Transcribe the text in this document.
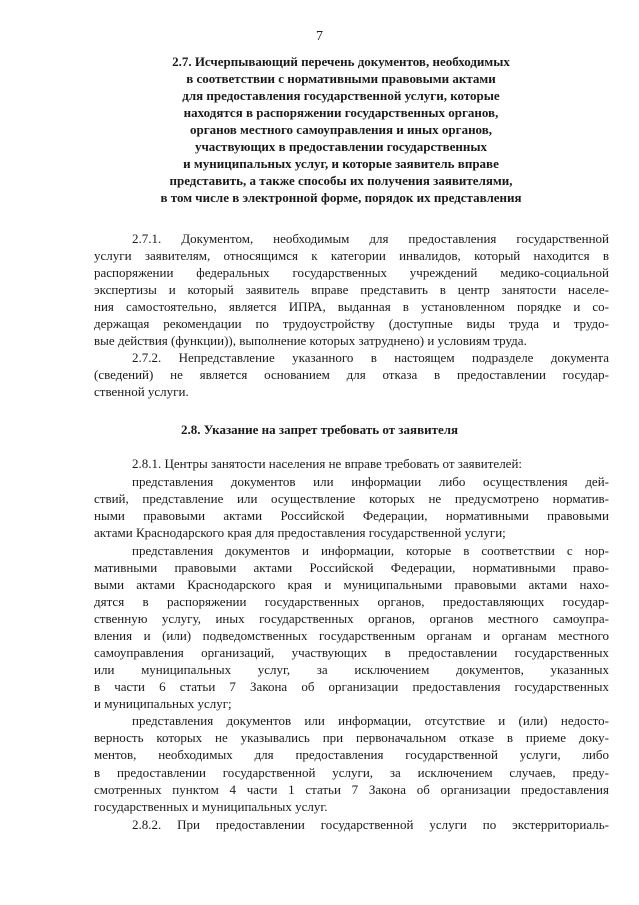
7
2.7. Исчерпывающий перечень документов, необходимых
в соответствии с нормативными правовыми актами
для предоставления государственной услуги, которые
находятся в распоряжении государственных органов,
органов местного самоуправления и иных органов,
участвующих в предоставлении государственных
и муниципальных услуг, и которые заявитель вправе
представить, а также способы их получения заявителями,
в том числе в электронной форме, порядок их представления
2.7.1. Документом, необходимым для предоставления государственной
услуги заявителям, относящимся к категории инвалидов, который находится в
распоряжении федеральных государственных учреждений медико-социальной
экспертизы и который заявитель вправе представить в центр занятости населе-
ния самостоятельно, является ИПРА, выданная в установленном порядке и со-
держащая рекомендации по трудоустройству (доступные виды труда и трудо-
вые действия (функции)), выполнение которых затруднено) и условиям труда.
2.7.2. Непредставление указанного в настоящем подразделе документа
(сведений) не является основанием для отказа в предоставлении государ-
ственной услуги.
2.8. Указание на запрет требовать от заявителя
2.8.1. Центры занятости населения не вправе требовать от заявителей:
представления документов или информации либо осуществления дей-
ствий, представление или осуществление которых не предусмотрено норматив-
ными правовыми актами Российской Федерации, нормативными правовыми
актами Краснодарского края для предоставления государственной услуги;
представления документов и информации, которые в соответствии с нор-
мативными правовыми актами Российской Федерации, нормативными право-
выми актами Краснодарского края и муниципальными правовыми актами нахо-
дятся в распоряжении государственных органов, предоставляющих государ-
ственную услугу, иных государственных органов, органов местного самоупра-
вления и (или) подведомственных государственным органам и органам местного
самоуправления организаций, участвующих в предоставлении государственных
или муниципальных услуг, за исключением документов, указанных
в части 6 статьи 7 Закона об организации предоставления государственных
и муниципальных услуг;
представления документов или информации, отсутствие и (или) недосто-
верность которых не указывались при первоначальном отказе в приеме доку-
ментов, необходимых для предоставления государственной услуги, либо
в предоставлении государственной услуги, за исключением случаев, преду-
смотренных пунктом 4 части 1 статьи 7 Закона об организации предоставления
государственных и муниципальных услуг.
2.8.2. При предоставлении государственной услуги по экстерриториаль-
